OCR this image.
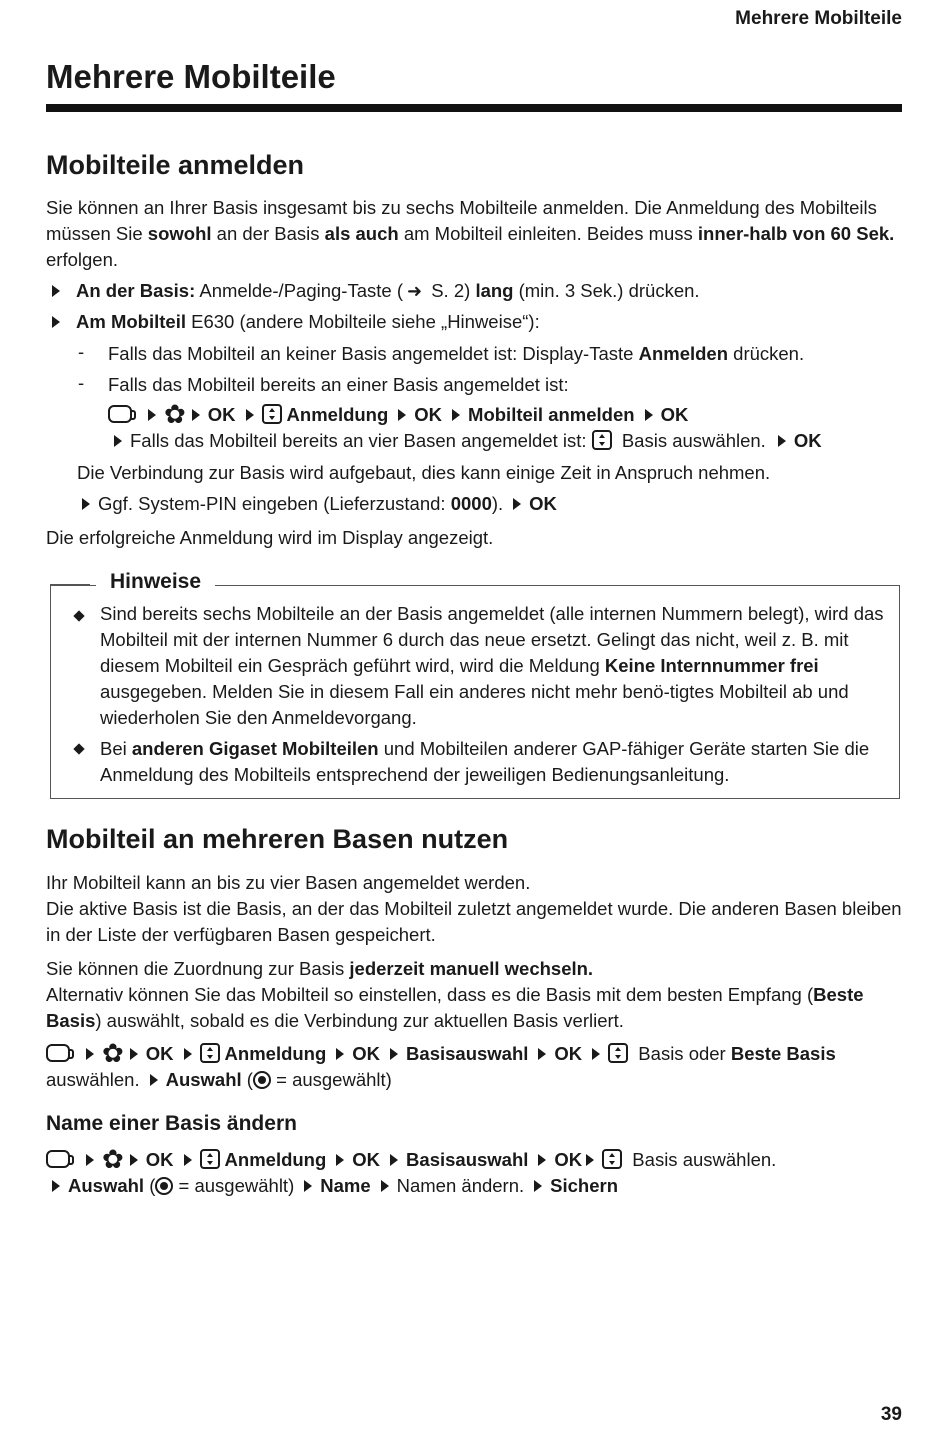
Mehrere Mobilteile
Mehrere Mobilteile
Mobilteile anmelden

Sie können an Ihrer Basis insgesamt bis zu sechs Mobilteile anmelden. Die Anmeldung des Mobilteils müssen Sie sowohl an der Basis als auch am Mobilteil einleiten. Beides muss inner-halb von 60 Sek. erfolgen.

An der Basis: Anmelde-/Paging-Taste ( ➜ S. 2) lang (min. 3 Sek.) drücken.
Am Mobilteil E630 (andere Mobilteile siehe „Hinweise“):
- Falls das Mobilteil an keiner Basis angemeldet ist: Display-Taste Anmelden drücken.
- Falls das Mobilteil bereits an einer Basis angemeldet ist:
✿ OK	Anmeldung OK Mobilteil anmelden OK
Falls das Mobilteil bereits an vier Basen angemeldet ist:  Basis auswählen. OK
Die Verbindung zur Basis wird aufgebaut, dies kann einige Zeit in Anspruch nehmen.
Ggf. System-PIN eingeben (Lieferzustand: 0000). OK
Die erfolgreiche Anmeldung wird im Display angezeigt.
Hinweise

Sind bereits sechs Mobilteile an der Basis angemeldet (alle internen Nummern belegt), wird das Mobilteil mit der internen Nummer 6 durch das neue ersetzt. Gelingt das nicht, weil z. B. mit diesem Mobilteil ein Gespräch geführt wird, wird die Meldung Keine Internnummer frei ausgegeben. Melden Sie in diesem Fall ein anderes nicht mehr benö-tigtes Mobilteil ab und wiederholen Sie den Anmeldevorgang.

Bei anderen Gigaset Mobilteilen und Mobilteilen anderer GAP-fähiger Geräte starten Sie die Anmeldung des Mobilteils entsprechend der jeweiligen Bedienungsanleitung.

Mobilteil an mehreren Basen nutzen

Ihr Mobilteil kann an bis zu vier Basen angemeldet werden.

Die aktive Basis ist die Basis, an der das Mobilteil zuletzt angemeldet wurde. Die anderen Basen bleiben in der Liste der verfügbaren Basen gespeichert.

Sie können die Zuordnung zur Basis jederzeit manuell wechseln.

Alternativ können Sie das Mobilteil so einstellen, dass es die Basis mit dem besten Empfang (Beste Basis) auswählt, sobald es die Verbindung zur aktuellen Basis verliert.

✿ OK	Anmeldung OK Basisauswahl OK	Basis oder Beste Basis
auswählen. Auswahl ( = ausgewählt)
Name einer Basis ändern
✿ OK	Anmeldung OK Basisauswahl OK Basis auswählen.
Auswahl ( = ausgewählt) Name Namen ändern. Sichern
39
